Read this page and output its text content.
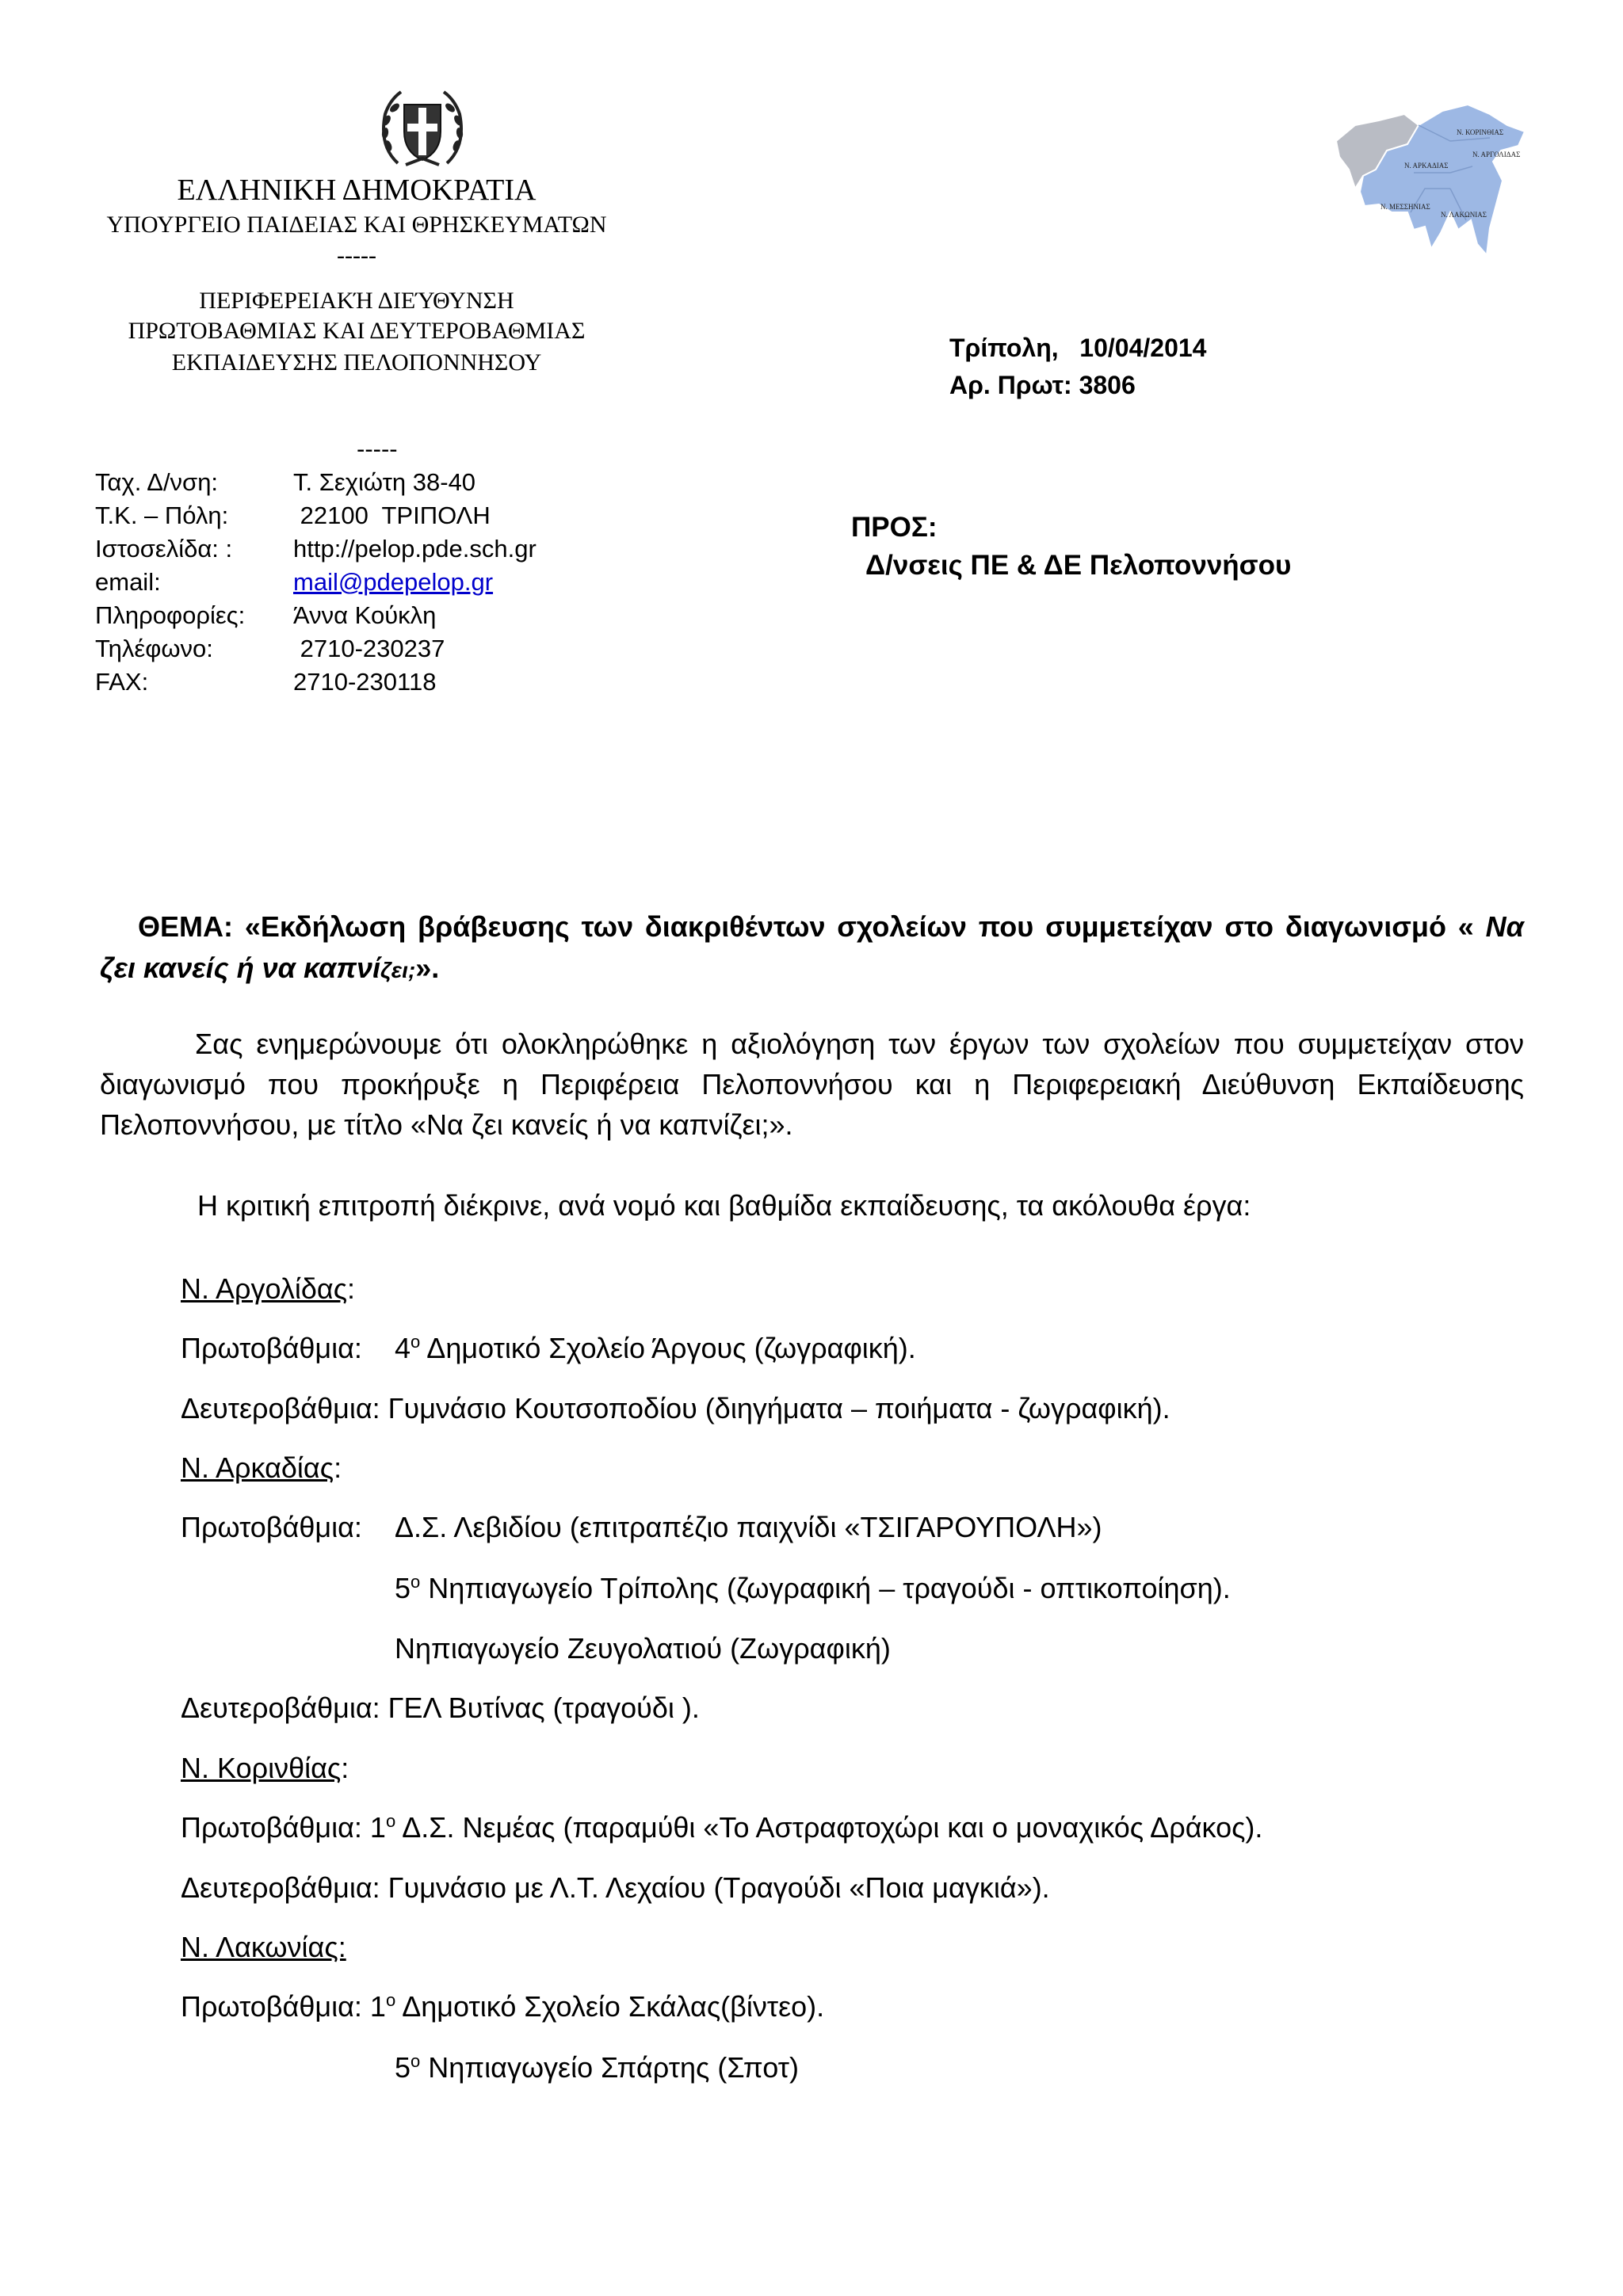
ΕΛΛΗΝΙΚΗ ΔΗΜΟΚΡΑΤΙΑ
ΥΠΟΥΡΓΕΙΟ ΠΑΙΔΕΙΑΣ ΚΑΙ ΘΡΗΣΚΕΥΜΑΤΩΝ
-----
ΠΕΡΙΦΕΡΕΙΑΚΉ ΔΙΕΎΘΥΝΣΗ
ΠΡΩΤΟΒΑΘΜΙΑΣ ΚΑΙ ΔΕΥΤΕΡΟΒΑΘΜΙΑΣ
ΕΚΠΑΙΔΕΥΣΗΣ ΠΕΛΟΠΟΝΝΗΣΟΥ
Ν. ΚΟΡΙΝΘΙΑΣ
Ν. ΑΡΓΟΛΙΔΑΣ
Ν. ΑΡΚΑΔΙΑΣ
Ν. ΜΕΣΣΗΝΙΑΣ
Ν. ΛΑΚΩΝΙΑΣ
Τρίπολη, 10/04/2014
Αρ. Πρωτ: 3806
-----
Ταχ. Δ/νση:	Τ. Σεχιώτη 38-40
Τ.Κ. – Πόλη:	22100  ΤΡΙΠΟΛΗ
Ιστοσελίδα: : http://pelop.pde.sch.gr
email:	mail@pdepelop.gr
Πληροφορίες: Άννα Κούκλη
Τηλέφωνο:	2710-230237
FAX:	2710-230118
ΠΡΟΣ:
Δ/νσεις ΠΕ & ΔΕ Πελοποννήσου
ΘΕΜΑ: «Εκδήλωση βράβευσης των διακριθέντων σχολείων που συμμετείχαν στο διαγωνισμό « Να ζει κανείς ή να καπνίζει;».
Σας ενημερώνουμε ότι ολοκληρώθηκε η αξιολόγηση των έργων των σχολείων που συμμετείχαν στον διαγωνισμό που προκήρυξε η Περιφέρεια Πελοποννήσου και η Περιφερειακή Διεύθυνση Εκπαίδευσης Πελοποννήσου, με τίτλο «Να ζει κανείς ή να καπνίζει;».
Η κριτική επιτροπή διέκρινε, ανά νομό και βαθμίδα εκπαίδευσης, τα ακόλουθα έργα:
Ν. Αργολίδας:
Πρωτοβάθμια: $4^o$ Δημοτικό Σχολείο Άργους (ζωγραφική).
Δευτεροβάθμια: Γυμνάσιο Κουτσοποδίου (διηγήματα – ποιήματα - ζωγραφική).
Ν. Αρκαδίας:
Πρωτοβάθμια: Δ.Σ. Λεβιδίου (επιτραπέζιο παιχνίδι «ΤΣΙΓΑΡΟΥΠΟΛΗ»)
$5^o$ Νηπιαγωγείο Τρίπολης (ζωγραφική – τραγούδι - οπτικοποίηση).
Νηπιαγωγείο Ζευγολατιού (Ζωγραφική)
Δευτεροβάθμια: ΓΕΛ Βυτίνας (τραγούδι ).
Ν. Κορινθίας:
Πρωτοβάθμια: $1^o$ Δ.Σ. Νεμέας (παραμύθι «Το Αστραφτοχώρι και ο μοναχικός Δράκος).
Δευτεροβάθμια: Γυμνάσιο με Λ.Τ. Λεχαίου (Τραγούδι «Ποια μαγκιά»).
Ν. Λακωνίας:
Πρωτοβάθμια: $1^o$ Δημοτικό Σχολείο Σκάλας(βίντεο).
$5^o$ Νηπιαγωγείο Σπάρτης (Σποτ)
